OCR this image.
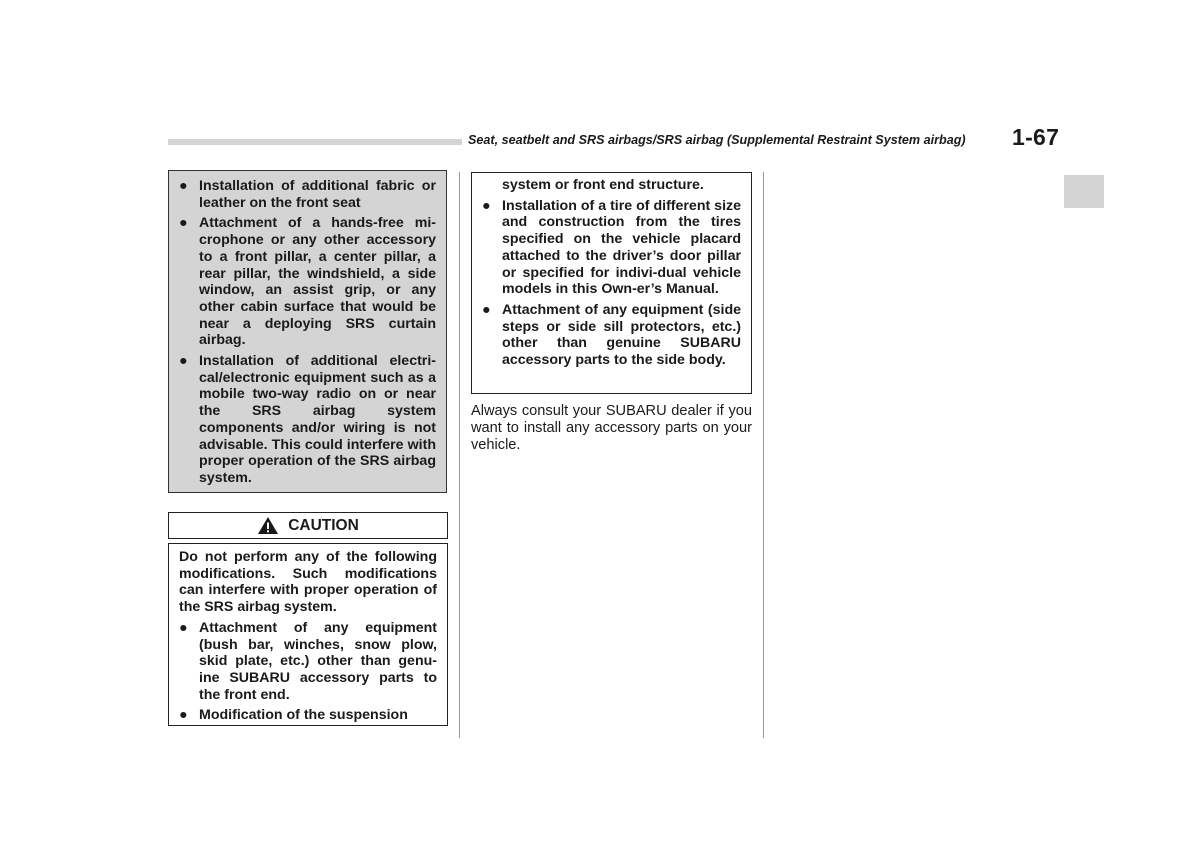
Seat, seatbelt and SRS airbags/SRS airbag (Supplemental Restraint System airbag)	1-67
● Installation of additional fabric or leather on the front seat
● Attachment of a hands-free mi-crophone or any other accessory to a front pillar, a center pillar, a rear pillar, the windshield, a side window, an assist grip, or any other cabin surface that would be near a deploying SRS curtain airbag.
● Installation of additional electri-cal/electronic equipment such as a mobile two-way radio on or near the SRS airbag system components and/or wiring is not advisable. This could interfere with proper operation of the SRS airbag system.
CAUTION

Do not perform any of the following modifications. Such modifications can interfere with proper operation of the SRS airbag system.

● Attachment of any equipment (bush bar, winches, snow plow, skid plate, etc.) other than genu-ine SUBARU accessory parts to the front end.
● Modification of the suspension

system or front end structure.

● Installation of a tire of different size and construction from the tires specified on the vehicle placard attached to the driver’s door pillar or specified for indivi-dual vehicle models in this Own-er’s Manual.
● Attachment of any equipment (side steps or side sill protectors, etc.) other than genuine SUBARU accessory parts to the side body.
Always consult your SUBARU dealer if you want to install any accessory parts on your vehicle.
